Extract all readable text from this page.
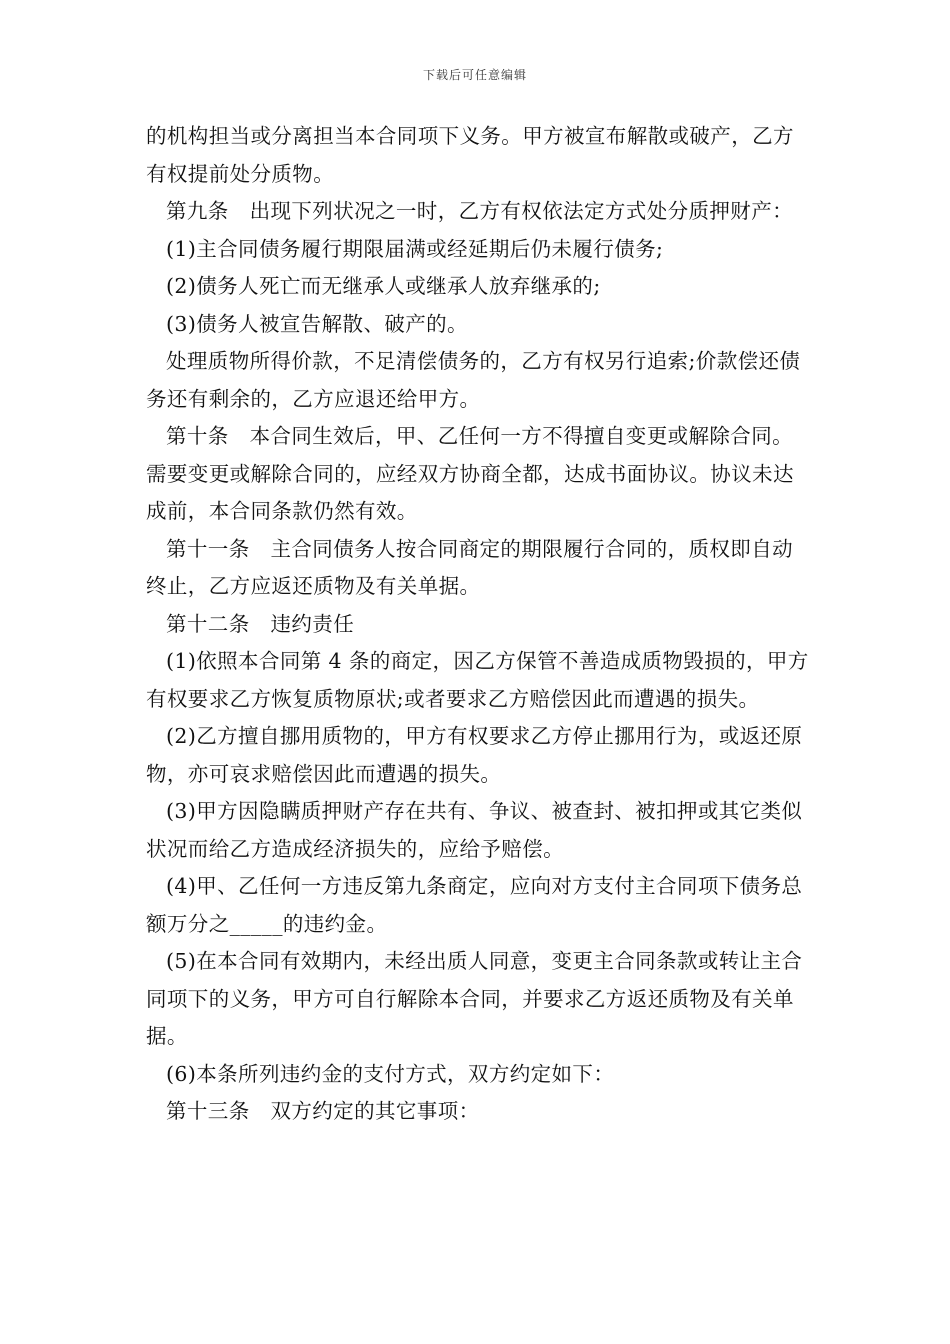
下载后可任意编辑

的机构担当或分离担当本合同项下义务。甲方被宣布解散或破产，乙方有权提前处分质物。

第九条　出现下列状况之一时，乙方有权依法定方式处分质押财产：

(1)主合同债务履行期限届满或经延期后仍未履行债务;

(2)债务人死亡而无继承人或继承人放弃继承的;

(3)债务人被宣告解散、破产的。

处理质物所得价款，不足清偿债务的，乙方有权另行追索;价款偿还债务还有剩余的，乙方应退还给甲方。

第十条　本合同生效后，甲、乙任何一方不得擅自变更或解除合同。需要变更或解除合同的，应经双方协商全都，达成书面协议。协议未达成前，本合同条款仍然有效。

第十一条　主合同债务人按合同商定的期限履行合同的，质权即自动终止，乙方应返还质物及有关单据。

第十二条　违约责任

(1)依照本合同第 4 条的商定，因乙方保管不善造成质物毁损的，甲方有权要求乙方恢复质物原状;或者要求乙方赔偿因此而遭遇的损失。

(2)乙方擅自挪用质物的，甲方有权要求乙方停止挪用行为，或返还原物，亦可哀求赔偿因此而遭遇的损失。

(3)甲方因隐瞒质押财产存在共有、争议、被查封、被扣押或其它类似状况而给乙方造成经济损失的，应给予赔偿。

(4)甲、乙任何一方违反第九条商定，应向对方支付主合同项下债务总额万分之_____的违约金。

(5)在本合同有效期内，未经出质人同意，变更主合同条款或转让主合同项下的义务，甲方可自行解除本合同，并要求乙方返还质物及有关单据。

(6)本条所列违约金的支付方式，双方约定如下：

第十三条　双方约定的其它事项：
